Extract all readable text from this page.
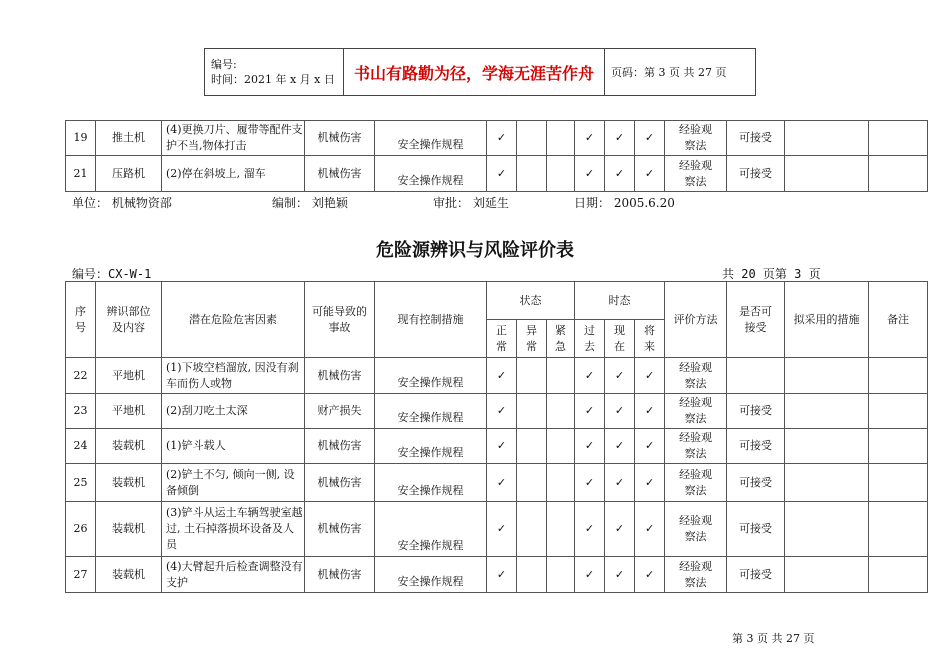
编号:
时间：2021 年 x 月 x 日	书山有路勤为径，学海无涯苦作舟	页码：第 3 页 共 27 页
19	推土机	(4)更换刀片、履带等配件支护不当,物体打击	机械伤害	安全操作规程	✓			✓	✓	✓	经验观察法	可接受		
21	压路机	(2)停在斜坡上, 溜车	机械伤害	安全操作规程	✓			✓	✓	✓	经验观察法	可接受		
单位： 机械物资部	编制： 刘艳颖	审批： 刘延生	日期： 2005.6.20
危险源辨识与风险评价表
编号：CX-W-1	共 20 页第 3 页
序号	辨识部位及内容	潜在危险危害因素	可能导致的事故	现有控制措施	状态			时态			评价方法	是否可接受	拟采用的措施	备注
					正常	异常	紧急	过去	现在	将来				
22	平地机	(1)下坡空档溜放, 因没有刹车而伤人或物	机械伤害	安全操作规程	✓			✓	✓	✓	经验观察法			
23	平地机	(2)刮刀吃土太深	财产损失	安全操作规程	✓			✓	✓	✓	经验观察法	可接受		
24	装载机	(1)铲斗载人	机械伤害	安全操作规程	✓			✓	✓	✓	经验观察法	可接受		
25	装载机	(2)铲土不匀, 倾向一侧, 设备倾倒	机械伤害	安全操作规程	✓			✓	✓	✓	经验观察法	可接受		
26	装载机	(3)铲斗从运土车辆驾驶室越过, 土石掉落损坏设备及人员	机械伤害	安全操作规程	✓			✓	✓	✓	经验观察法	可接受		
27	装载机	(4)大臂起升后检查调整没有支护	机械伤害	安全操作规程	✓			✓	✓	✓	经验观察法	可接受		
第 3 页 共 27 页
